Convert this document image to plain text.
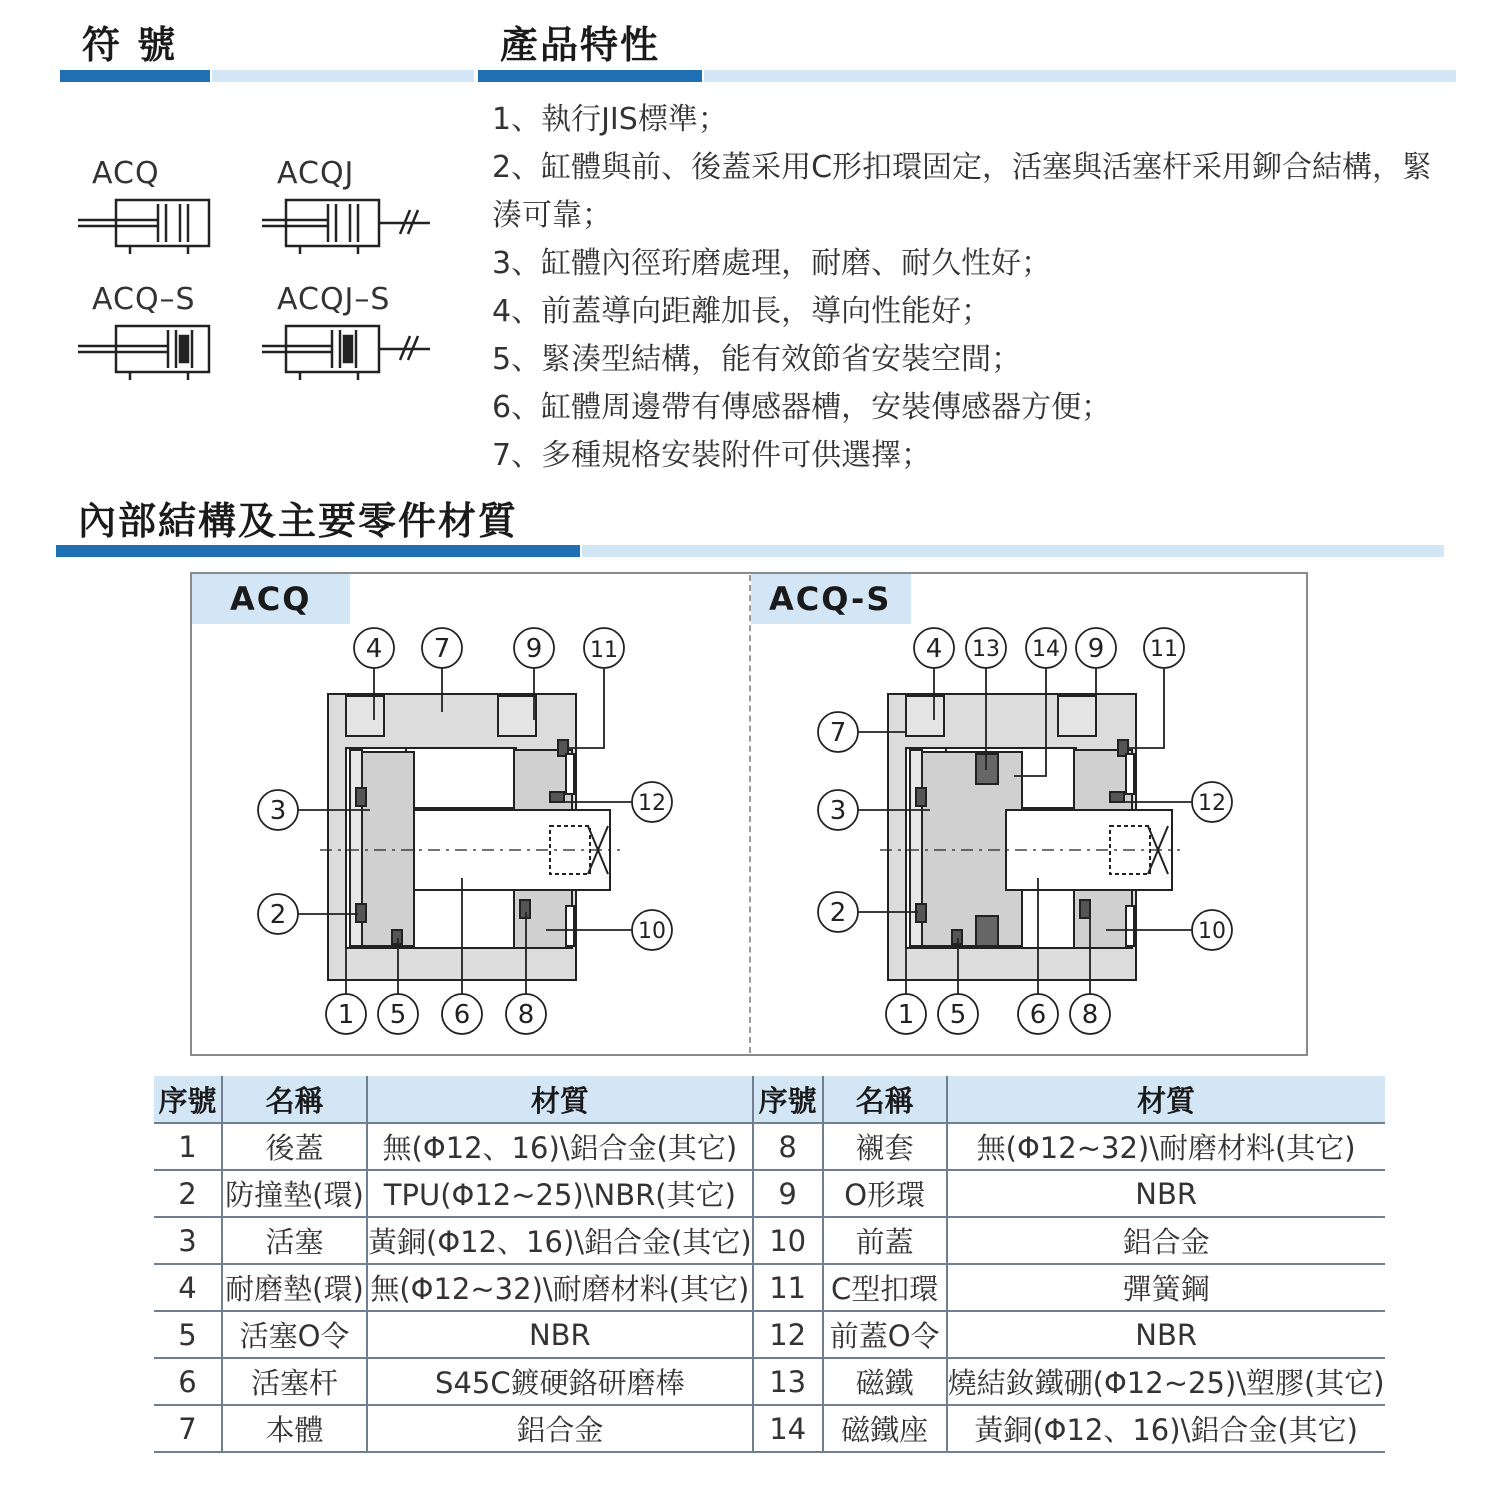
符 號	產品特性
內部結構及主要零件材質
ACQ	ACQJ
ACQ–S	ACQJ–S
1、執行JIS標準；
2、缸體與前、後蓋采用C形扣環固定，活塞與活塞杆采用鉚合結構，緊湊可靠；
3、缸體內徑珩磨處理，耐磨、耐久性好；
4、前蓋導向距離加長，導向性能好；
5、緊湊型結構，能有效節省安裝空間；
6、缸體周邊帶有傳感器槽，安裝傳感器方便；
7、多種規格安裝附件可供選擇；
ACQ	ACQ-S
4 7	9 11
3
2
12
10
1 5 6 8
4 13 14 9 11
7
3
2
12
10
1 5 6 8
序號	名稱	材質	序號	名稱	材質
1	後蓋	無(Φ12、16)\鋁合金(其它)	8	襯套	無(Φ12~32)\耐磨材料(其它)
2	防撞墊(環)	TPU(Φ12~25)\NBR(其它)	9	O形環	NBR
3	活塞	黃銅(Φ12、16)\鋁合金(其它)	10	前蓋	鋁合金
4	耐磨墊(環)	無(Φ12~32)\耐磨材料(其它)	11	C型扣環	彈簧鋼
5	活塞O令	NBR	12	前蓋O令	NBR
6	活塞杆	S45C鍍硬鉻研磨棒	13	磁鐵	燒結釹鐵硼(Φ12~25)\塑膠(其它)
7	本體	鋁合金	14	磁鐵座	黃銅(Φ12、16)\鋁合金(其它)
